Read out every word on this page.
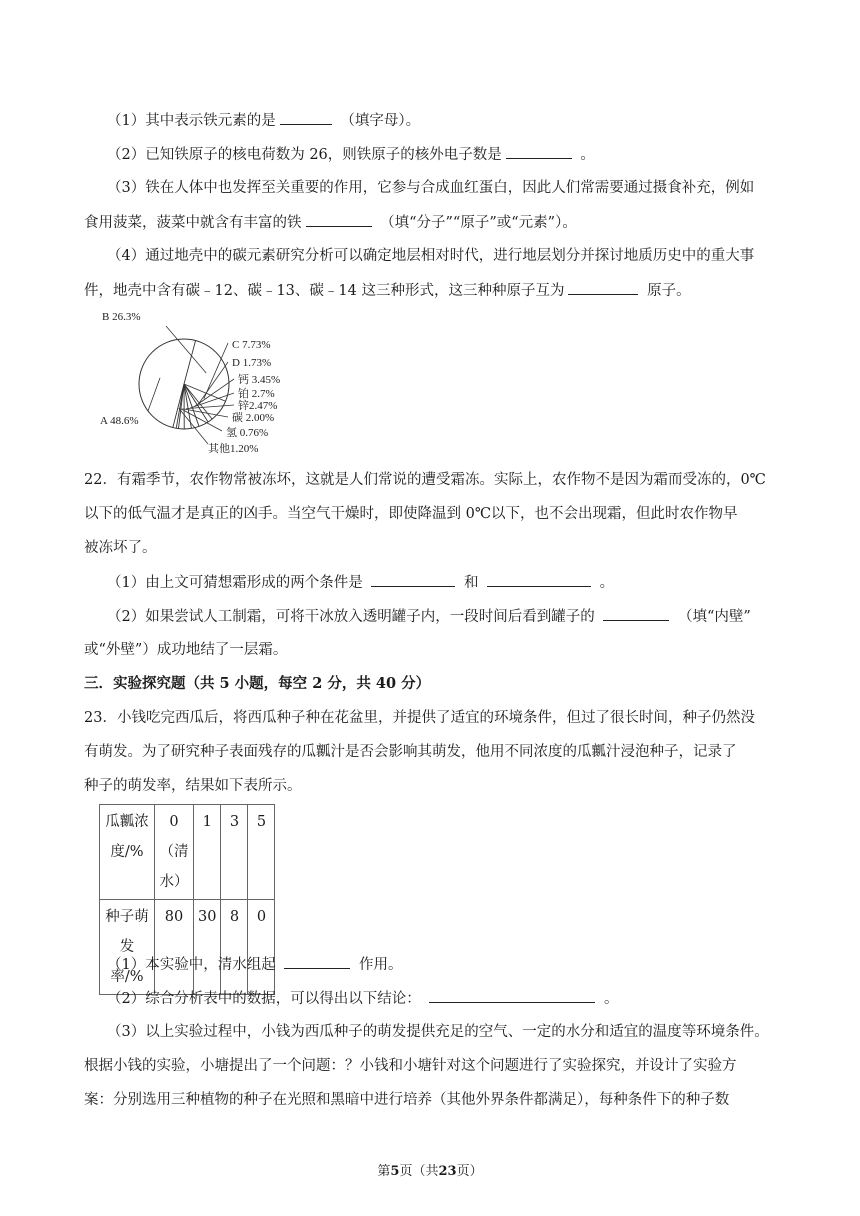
（1）其中表示铁元素的是	（填字母）。
（2）已知铁原子的核电荷数为 26，则铁原子的核外电子数是	。
（3）铁在人体中也发挥至关重要的作用，它参与合成血红蛋白，因此人们常需要通过摄食补充，例如
食用菠菜，菠菜中就含有丰富的铁	（填“分子”“原子”或“元素”）。
（4）通过地壳中的碳元素研究分析可以确定地层相对时代，进行地层划分并探讨地质历史中的重大事
件，地壳中含有碳﹣12、碳﹣13、碳﹣14 这三种形式，这三种种原子互为	原子。
A 48.6%
B 26.3%
C 7.73%
D 1.73%
钙 3.45%
铂 2.7%
锌2.47%
碳 2.00%
氢 0.76%
其他1.20%
22．有霜季节，农作物常被冻坏，这就是人们常说的遭受霜冻。实际上，农作物不是因为霜而受冻的，0℃
以下的低气温才是真正的凶手。当空气干燥时，即使降温到 0℃以下，也不会出现霜，但此时农作物早
被冻坏了。
（1）由上文可猜想霜形成的两个条件是	和	。
（2）如果尝试人工制霜，可将干冰放入透明罐子内，一段时间后看到罐子的	（填“内壁”
或“外壁”）成功地结了一层霜。
三．实验探究题（共 5 小题，每空 2 分，共 40 分）
23．小钱吃完西瓜后，将西瓜种子种在花盆里，并提供了适宜的环境条件，但过了很长时间，种子仍然没
有萌发。为了研究种子表面残存的瓜瓤汁是否会影响其萌发，他用不同浓度的瓜瓤汁浸泡种子，记录了
种子的萌发率，结果如下表所示。
瓜瓤浓度/%	0（清水）	1	3	5
种子萌发率/%	80	30	8	0
（1）本实验中，清水组起	作用。
（2）综合分析表中的数据，可以得出以下结论：	。
（3）以上实验过程中，小钱为西瓜种子的萌发提供充足的空气、一定的水分和适宜的温度等环境条件。
根据小钱的实验，小塘提出了一个问题：？小钱和小塘针对这个问题进行了实验探究，并设计了实验方
案：分别选用三种植物的种子在光照和黑暗中进行培养（其他外界条件都满足），每种条件下的种子数
第5页（共23页）
